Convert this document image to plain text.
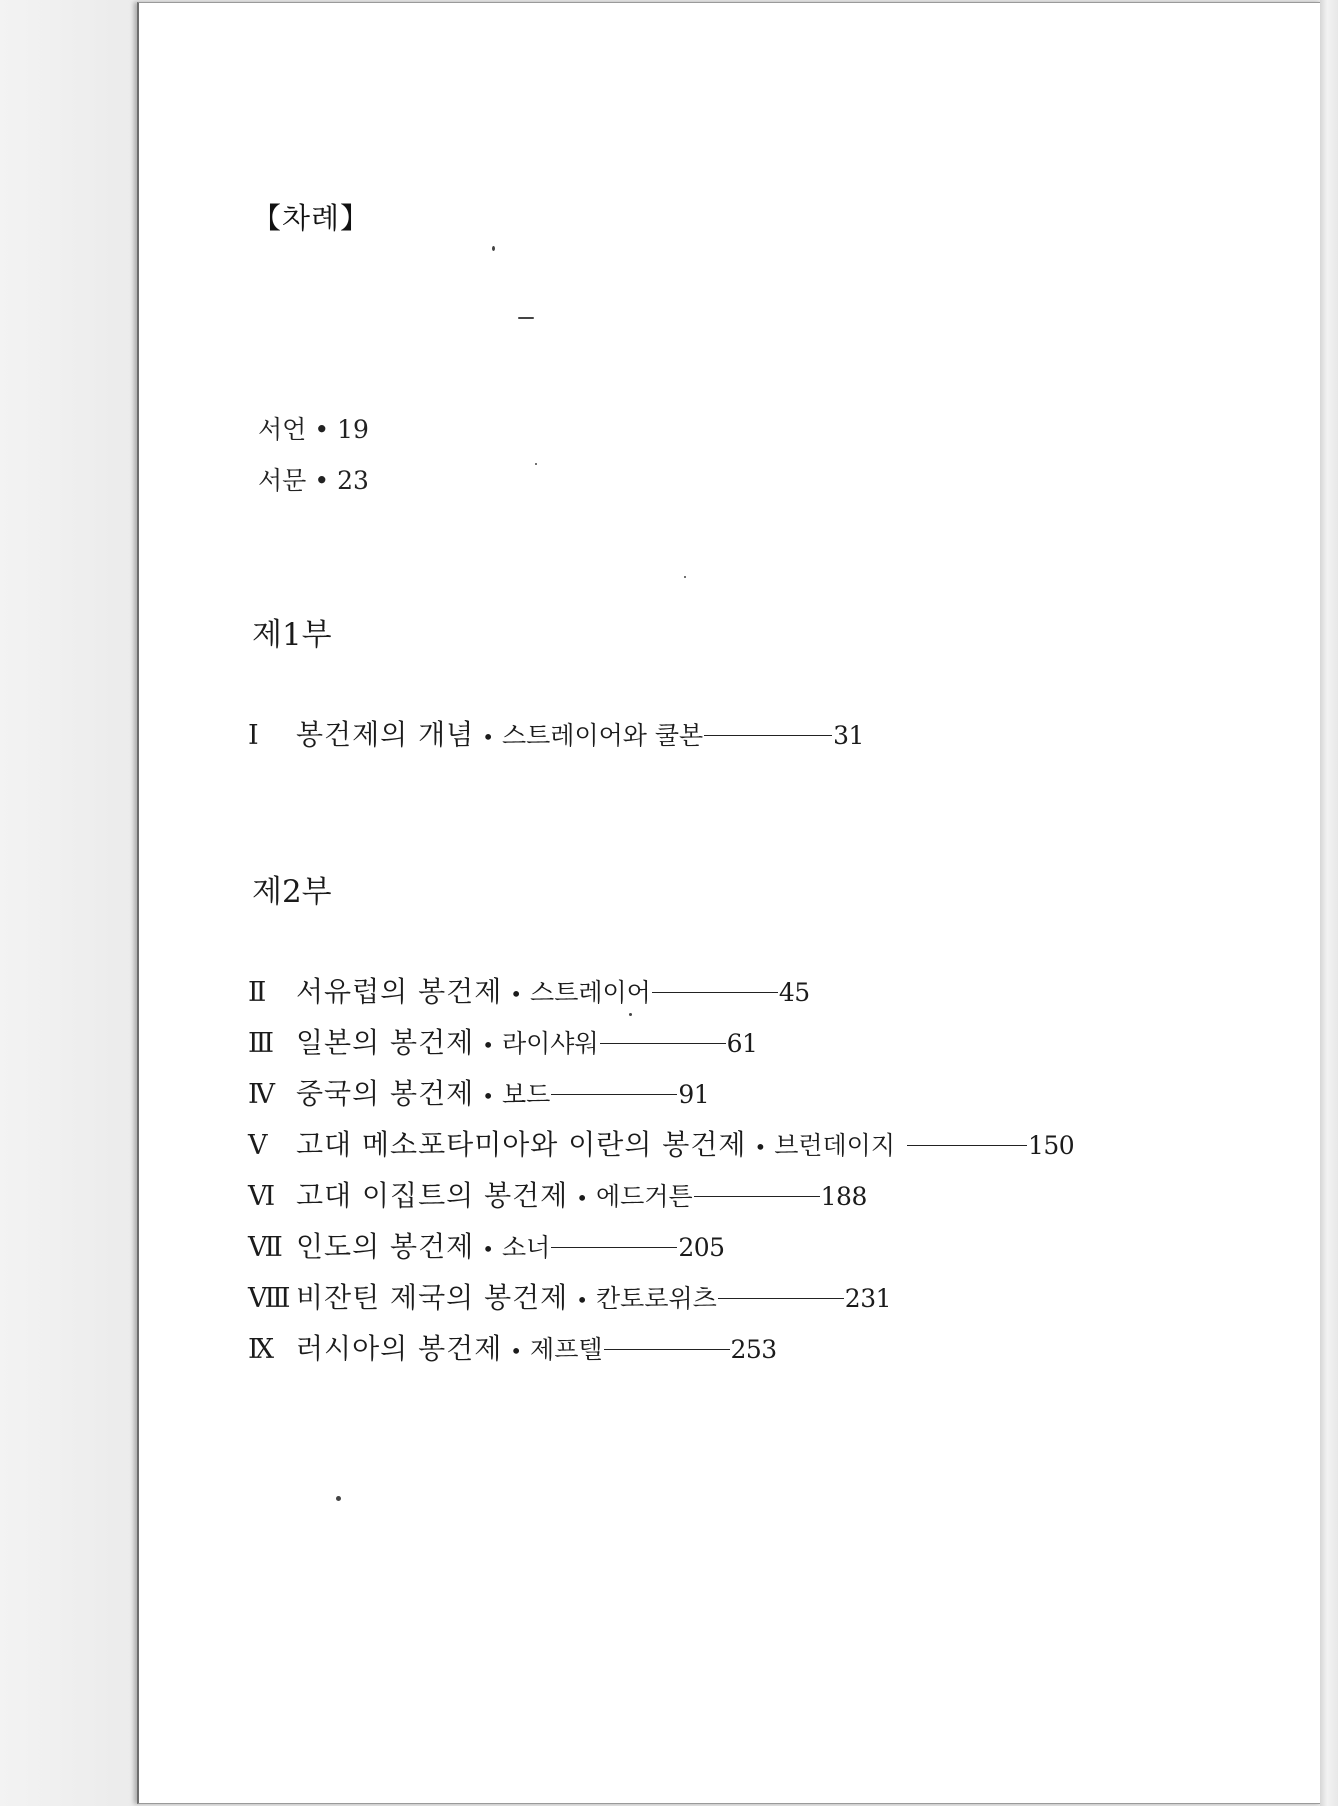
【차례】
서언 • 19
서문 • 23
제1부
Ⅰ	봉건제의 개념 • 스트레이어와 쿨본	31
제2부
Ⅱ	서유럽의 봉건제 • 스트레이어	45
Ⅲ 일본의 봉건제 • 라이샤워	61
Ⅳ 중국의 봉건제 • 보드	91
Ⅴ	고대 메소포타미아와 이란의 봉건제 • 브런데이지	150
Ⅵ 고대 이집트의 봉건제 • 에드거튼	188
Ⅶ 인도의 봉건제 • 소너	205
Ⅷ 비잔틴 제국의 봉건제 • 칸토로위츠	231
Ⅸ 러시아의 봉건제 • 제프텔	253
